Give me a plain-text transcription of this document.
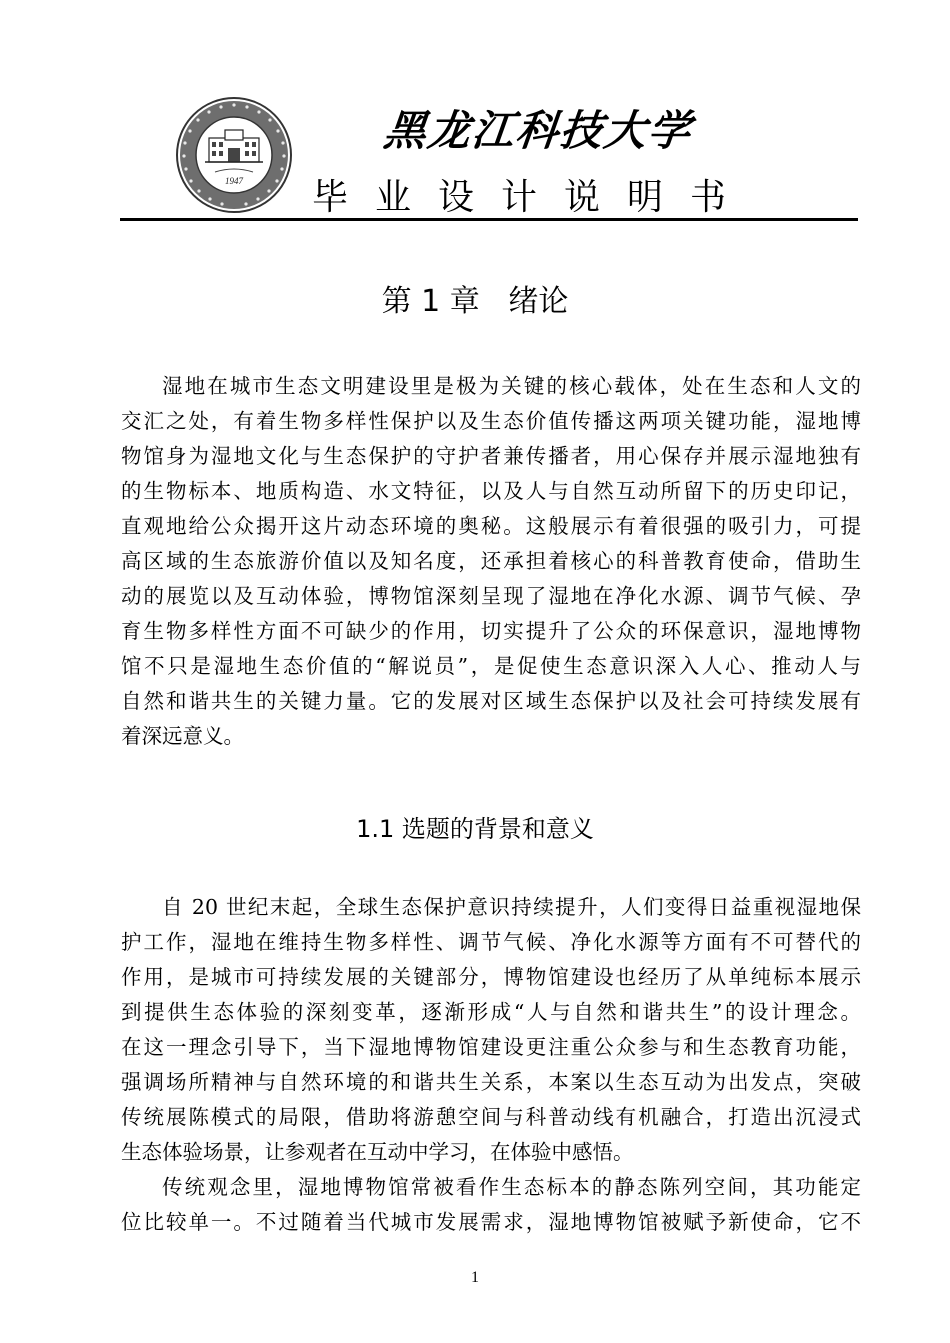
1947
黑龙江科技大学
毕业设计说明书
第 1 章   绪论
湿地在城市生态文明建设里是极为关键的核心载体，处在生态和人文的
交汇之处，有着生物多样性保护以及生态价值传播这两项关键功能，湿地博
物馆身为湿地文化与生态保护的守护者兼传播者，用心保存并展示湿地独有
的生物标本、地质构造、水文特征，以及人与自然互动所留下的历史印记，
直观地给公众揭开这片动态环境的奥秘。这般展示有着很强的吸引力，可提
高区域的生态旅游价值以及知名度，还承担着核心的科普教育使命，借助生
动的展览以及互动体验，博物馆深刻呈现了湿地在净化水源、调节气候、孕
育生物多样性方面不可缺少的作用，切实提升了公众的环保意识，湿地博物
馆不只是湿地生态价值的“解说员”，是促使生态意识深入人心、推动人与
自然和谐共生的关键力量。它的发展对区域生态保护以及社会可持续发展有
着深远意义。
1.1 选题的背景和意义
自 20 世纪末起，全球生态保护意识持续提升，人们变得日益重视湿地保
护工作，湿地在维持生物多样性、调节气候、净化水源等方面有不可替代的
作用，是城市可持续发展的关键部分，博物馆建设也经历了从单纯标本展示
到提供生态体验的深刻变革，逐渐形成“人与自然和谐共生”的设计理念。
在这一理念引导下，当下湿地博物馆建设更注重公众参与和生态教育功能，
强调场所精神与自然环境的和谐共生关系，本案以生态互动为出发点，突破
传统展陈模式的局限，借助将游憩空间与科普动线有机融合，打造出沉浸式
生态体验场景，让参观者在互动中学习，在体验中感悟。
传统观念里，湿地博物馆常被看作生态标本的静态陈列空间，其功能定
位比较单一。不过随着当代城市发展需求，湿地博物馆被赋予新使命，它不
1
